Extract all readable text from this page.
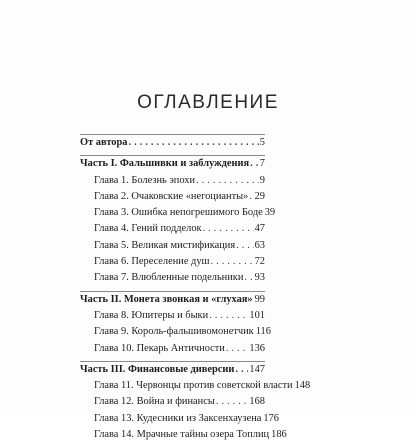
ОГЛАВЛЕНИЕ
От автора . . .	5
Часть I. Фальшивки и заблуждения . . . 7
Глава 1. Болезнь эпохи . . .	9
Глава 2. Очаковские «негоцианты» . . . 29
Глава 3. Ошибка непогрешимого Боде 39
Глава 4. Гений подделок . . .	47
Глава 5. Великая мистификация . . . 63
Глава 6. Переселение душ . . .	72
Глава 7. Влюбленные подельники . . . 93
Часть II. Монета звонкая и «глухая» 99
Глава 8. Юпитеры и быки . . .	101
Глава 9. Король-фальшивомонетчик 116
Глава 10. Пекарь Античности . . . 136
Часть III. Финансовые диверсии . . . 147
Глава 11. Червонцы против советской власти 148
Глава 12. Война и финансы . . .	168
Глава 13. Кудесники из Заксенхаузена 176
Глава 14. Мрачные тайны озера Топлиц 186
